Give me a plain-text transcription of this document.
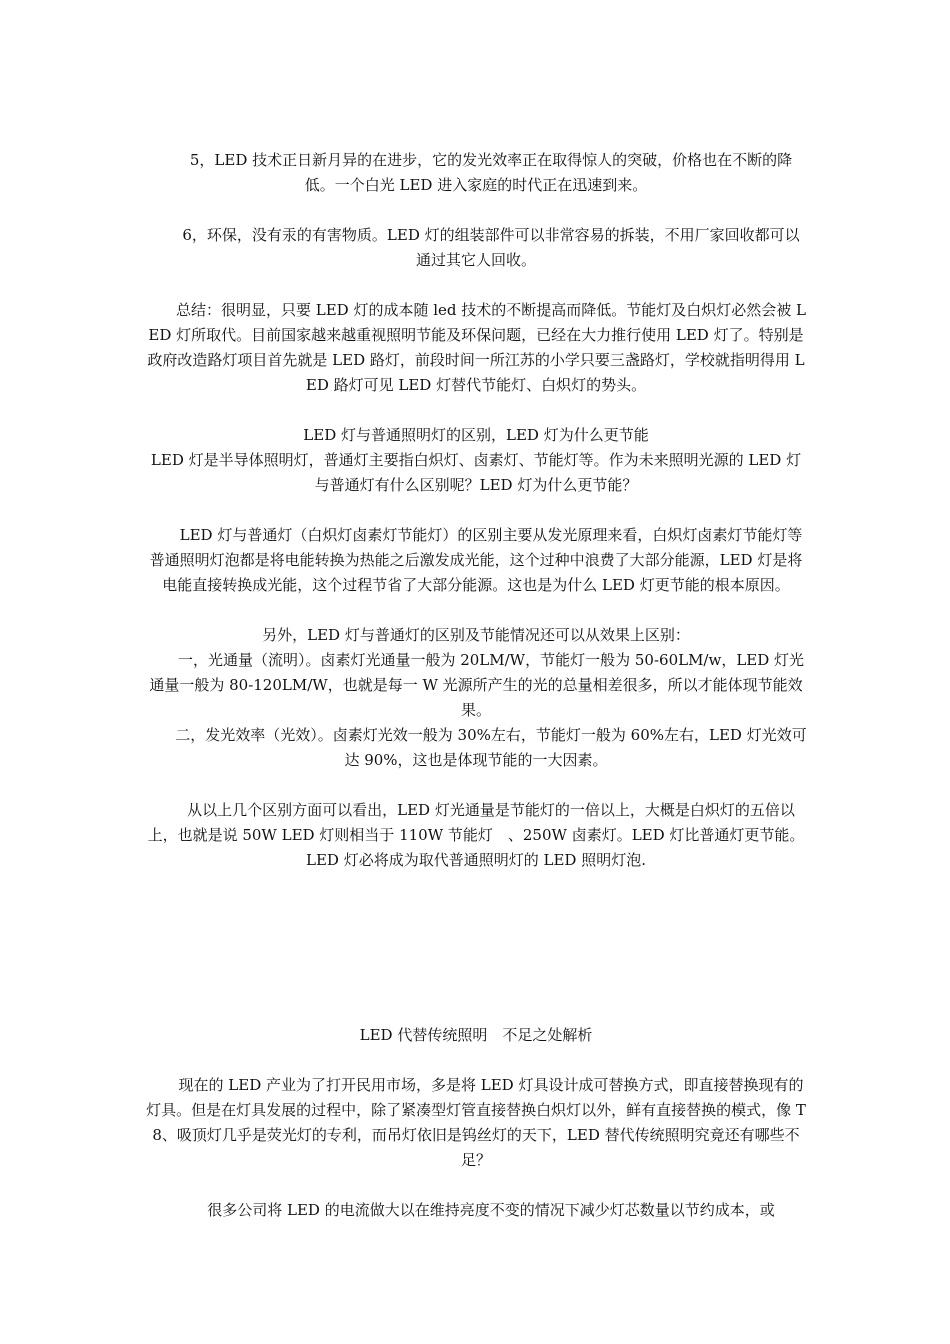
5，LED 技术正日新月异的在进步，它的发光效率正在取得惊人的突破，价格也在不断的降低。一个白光 LED 进入家庭的时代正在迅速到来。

6，环保，没有汞的有害物质。LED 灯的组装部件可以非常容易的拆装，不用厂家回收都可以通过其它人回收。

总结：很明显，只要 LED 灯的成本随 led 技术的不断提高而降低。节能灯及白炽灯必然会被 LED 灯所取代。目前国家越来越重视照明节能及环保问题，已经在大力推行使用 LED 灯了。特别是政府改造路灯项目首先就是 LED 路灯，前段时间一所江苏的小学只要三盏路灯，学校就指明得用 LED 路灯可见 LED 灯替代节能灯、白炽灯的势头。

LED 灯与普通照明灯的区别，LED 灯为什么更节能

LED 灯是半导体照明灯，普通灯主要指白炽灯、卤素灯、节能灯等。作为未来照明光源的 LED 灯与普通灯有什么区别呢？LED 灯为什么更节能？

LED 灯与普通灯（白炽灯卤素灯节能灯）的区别主要从发光原理来看，白炽灯卤素灯节能灯等普通照明灯泡都是将电能转换为热能之后激发成光能，这个过种中浪费了大部分能源，LED 灯是将电能直接转换成光能，这个过程节省了大部分能源。这也是为什么 LED 灯更节能的根本原因。

另外，LED 灯与普通灯的区别及节能情况还可以从效果上区别：

一，光通量（流明）。卤素灯光通量一般为 20LM/W，节能灯一般为 50-60LM/w，LED 灯光通量一般为 80-120LM/W，也就是每一 W 光源所产生的光的总量相差很多，所以才能体现节能效果。

二，发光效率（光效）。卤素灯光效一般为 30%左右，节能灯一般为 60%左右，LED 灯光效可达 90%，这也是体现节能的一大因素。

从以上几个区别方面可以看出，LED 灯光通量是节能灯的一倍以上，大概是白炽灯的五倍以上，也就是说 50W LED 灯则相当于 110W 节能灯　、250W 卤素灯。LED 灯比普通灯更节能。LED 灯必将成为取代普通照明灯的 LED 照明灯泡.

LED 代替传统照明　不足之处解析

现在的 LED 产业为了打开民用市场，多是将 LED 灯具设计成可替换方式，即直接替换现有的灯具。但是在灯具发展的过程中，除了紧凑型灯管直接替换白炽灯以外，鲜有直接替换的模式，像 T8、吸顶灯几乎是荧光灯的专利，而吊灯依旧是钨丝灯的天下，LED 替代传统照明究竟还有哪些不足？

很多公司将 LED 的电流做大以在维持亮度不变的情况下减少灯芯数量以节约成本，或
